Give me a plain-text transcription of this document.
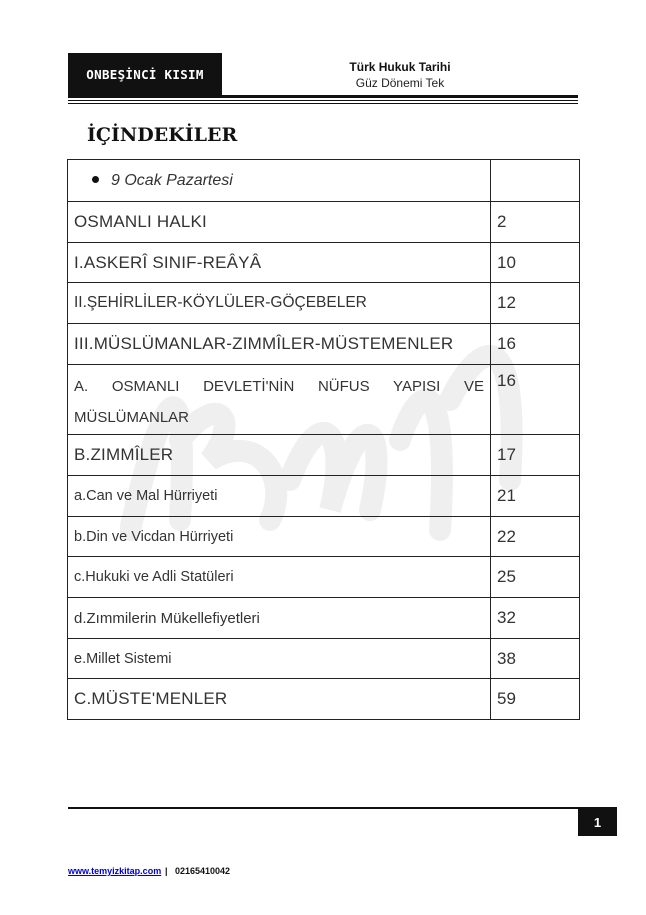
ONBEŞİNCİ KISIM	Türk Hukuk Tarihi
Güz Dönemi Tek
İÇİNDEKİLER
9 Ocak Pazartesi	
OSMANLI HALKI	2
I.ASKERÎ SINIF-REÂYÂ	10
II.ŞEHİRLİLER-KÖYLÜLER-GÖÇEBELER	12
III.MÜSLÜMANLAR-ZIMMÎLER-MÜSTEMENLER	16
A. OSMANLI DEVLETİ'NİN NÜFUS YAPISI VE MÜSLÜMANLAR	16
B.ZIMMÎLER	17
a.Can ve Mal Hürriyeti	21
b.Din ve Vicdan Hürriyeti	22
c.Hukuki ve Adli Statüleri	25
d.Zımmilerin Mükellefiyetleri	32
e.Millet Sistemi	38
C.MÜSTE'MENLER	59
1
www.temyizkitap.com | 02165410042
